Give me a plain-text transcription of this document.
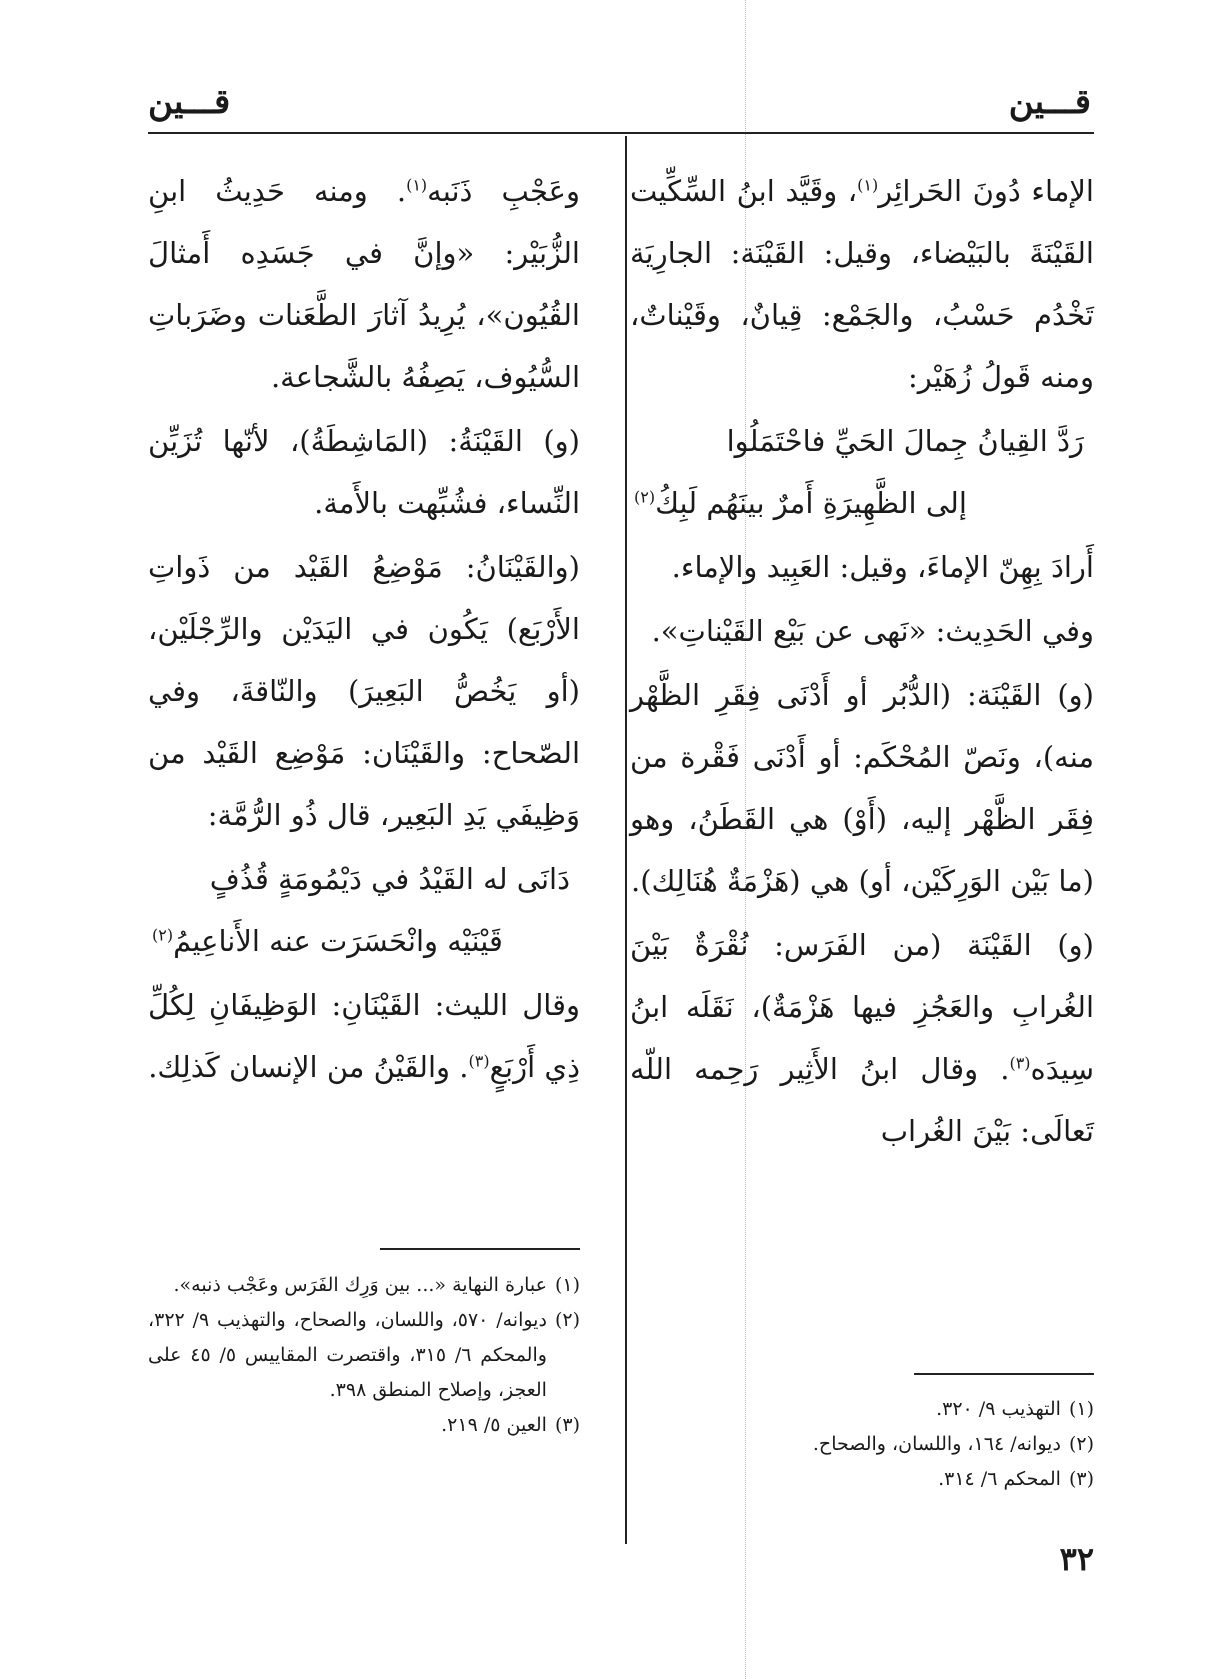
قـــين
قـــين

الإماء دُونَ الحَرائِر$^{(١)}$، وقَيَّد ابنُ السِّكِّيت القَيْنَةَ بالبَيْضاء، وقيل: القَيْنَة: الجارِيَة تَخْدُم حَسْبُ، والجَمْع: قِيانٌ، وقَيْناتٌ، ومنه قَولُ زُهَيْر:

رَدَّ القِيانُ جِمالَ الحَيِّ فاحْتَمَلُوا
إلى الظَّهِيرَةِ أَمرٌ بينَهُم لَبِكُ$^{(٢)}$

أَرادَ بِهِنّ الإماءَ، وقيل: العَبِيد والإماء.

وفي الحَدِيث: «نَهى عن بَيْع القَيْناتِ».

(و) القَيْنَة: (الدُّبُر أو أَدْنَى فِقَرِ الظَّهْر منه)، ونَصّ المُحْكَم: أو أَدْنَى فَقْرة من فِقَر الظَّهْر إليه، (أَوْ) هي القَطَنُ، وهو (ما بَيْن الوَرِكَيْن، أو) هي (هَزْمَةٌ هُنَالِك).

(و) القَيْنَة (من الفَرَس: نُقْرَةٌ بَيْنَ الغُرابِ والعَجُزِ فيها هَزْمَةٌ)، نَقَلَه ابنُ سِيدَه$^{(٣)}$. وقال ابنُ الأَثِير رَحِمه اللّه تَعالَى: بَيْنَ الغُراب

(١)
التهذيب ٩/ ٣٢٠.
(٢)
ديوانه/ ١٦٤، واللسان، والصحاح.
(٣)
المحكم ٦/ ٣١٤.

وعَجْبِ ذَنَبه$^{(١)}$. ومنه حَدِيثُ ابنِ الزُّبَيْر: «وإنَّ في جَسَدِه أَمثالَ القُيُون»، يُرِيدُ آثارَ الطَّعَنات وضَرَباتِ السُّيُوف، يَصِفُهُ بالشَّجاعة.

(و) القَيْنَةُ: (المَاشِطَةُ)، لأنّها تُزَيِّن النِّساء، فشُبِّهت بالأَمة.

(والقَيْنَانُ: مَوْضِعُ القَيْد من ذَواتِ الأَرْبَع) يَكُون في اليَدَيْن والرِّجْلَيْن، (أو يَخُصُّ البَعِيرَ) والنّاقةَ، وفي الصّحاح: والقَيْنَان: مَوْضِع القَيْد من وَظِيفَي يَدِ البَعِير، قال ذُو الرُّمَّة:

دَانَى له القَيْدُ في دَيْمُومَةٍ قُذُفٍ
قَيْنَيْه وانْحَسَرَت عنه الأَناعِيمُ$^{(٢)}$

وقال الليث: القَيْنَانِ: الوَظِيفَانِ لِكُلِّ ذِي أَرْبَعٍ$^{(٣)}$. والقَيْنُ من الإنسان كَذلِك.

(١)
عبارة النهاية «... بين وَرِك الفَرَس وعَجْب ذنبه».
(٢)
ديوانه/ ٥٧٠، واللسان، والصحاح، والتهذيب ٩/ ٣٢٢، والمحكم ٦/ ٣١٥، واقتصرت المقاييس ٥/ ٤٥ على العجز، وإصلاح المنطق ٣٩٨.
(٣)
العين ٥/ ٢١٩.
٣٢
